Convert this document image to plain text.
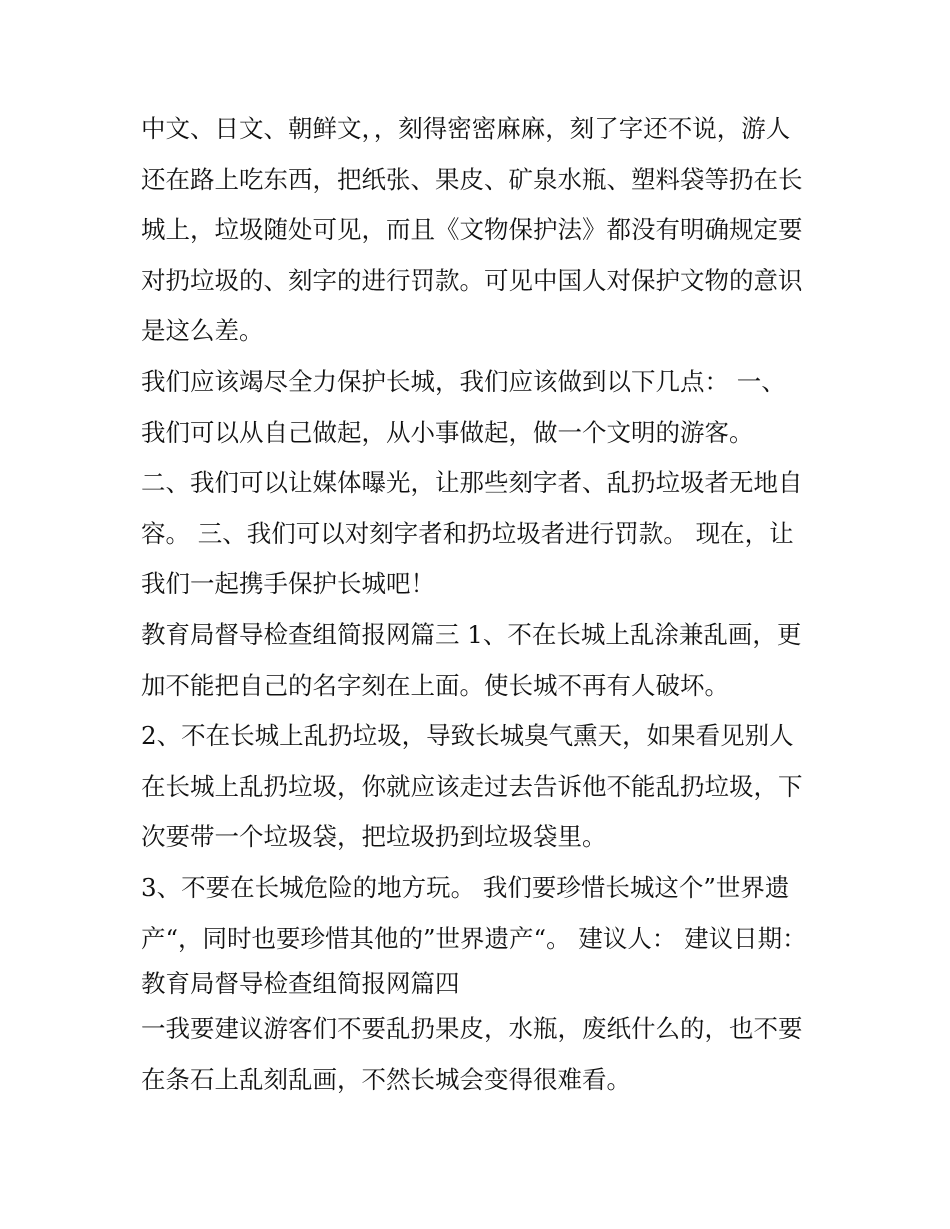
中文、日文、朝鲜文，，刻得密密麻麻，刻了字还不说，游人
还在路上吃东西，把纸张、果皮、矿泉水瓶、塑料袋等扔在长
城上，垃圾随处可见，而且《文物保护法》都没有明确规定要
对扔垃圾的、刻字的进行罚款。可见中国人对保护文物的意识
是这么差。
我们应该竭尽全力保护长城，我们应该做到以下几点： 一、
我们可以从自己做起，从小事做起，做一个文明的游客。
二、我们可以让媒体曝光，让那些刻字者、乱扔垃圾者无地自
容。 三、我们可以对刻字者和扔垃圾者进行罚款。 现在，让
我们一起携手保护长城吧！
教育局督导检查组简报网篇三 1、不在长城上乱涂兼乱画，更
加不能把自己的名字刻在上面。使长城不再有人破坏。
2、不在长城上乱扔垃圾，导致长城臭气熏天，如果看见别人
在长城上乱扔垃圾，你就应该走过去告诉他不能乱扔垃圾，下
次要带一个垃圾袋，把垃圾扔到垃圾袋里。
3、不要在长城危险的地方玩。 我们要珍惜长城这个”世界遗
产“，同时也要珍惜其他的”世界遗产“。 建议人： 建议日期：
教育局督导检查组简报网篇四
一我要建议游客们不要乱扔果皮，水瓶，废纸什么的，也不要
在条石上乱刻乱画，不然长城会变得很难看。
